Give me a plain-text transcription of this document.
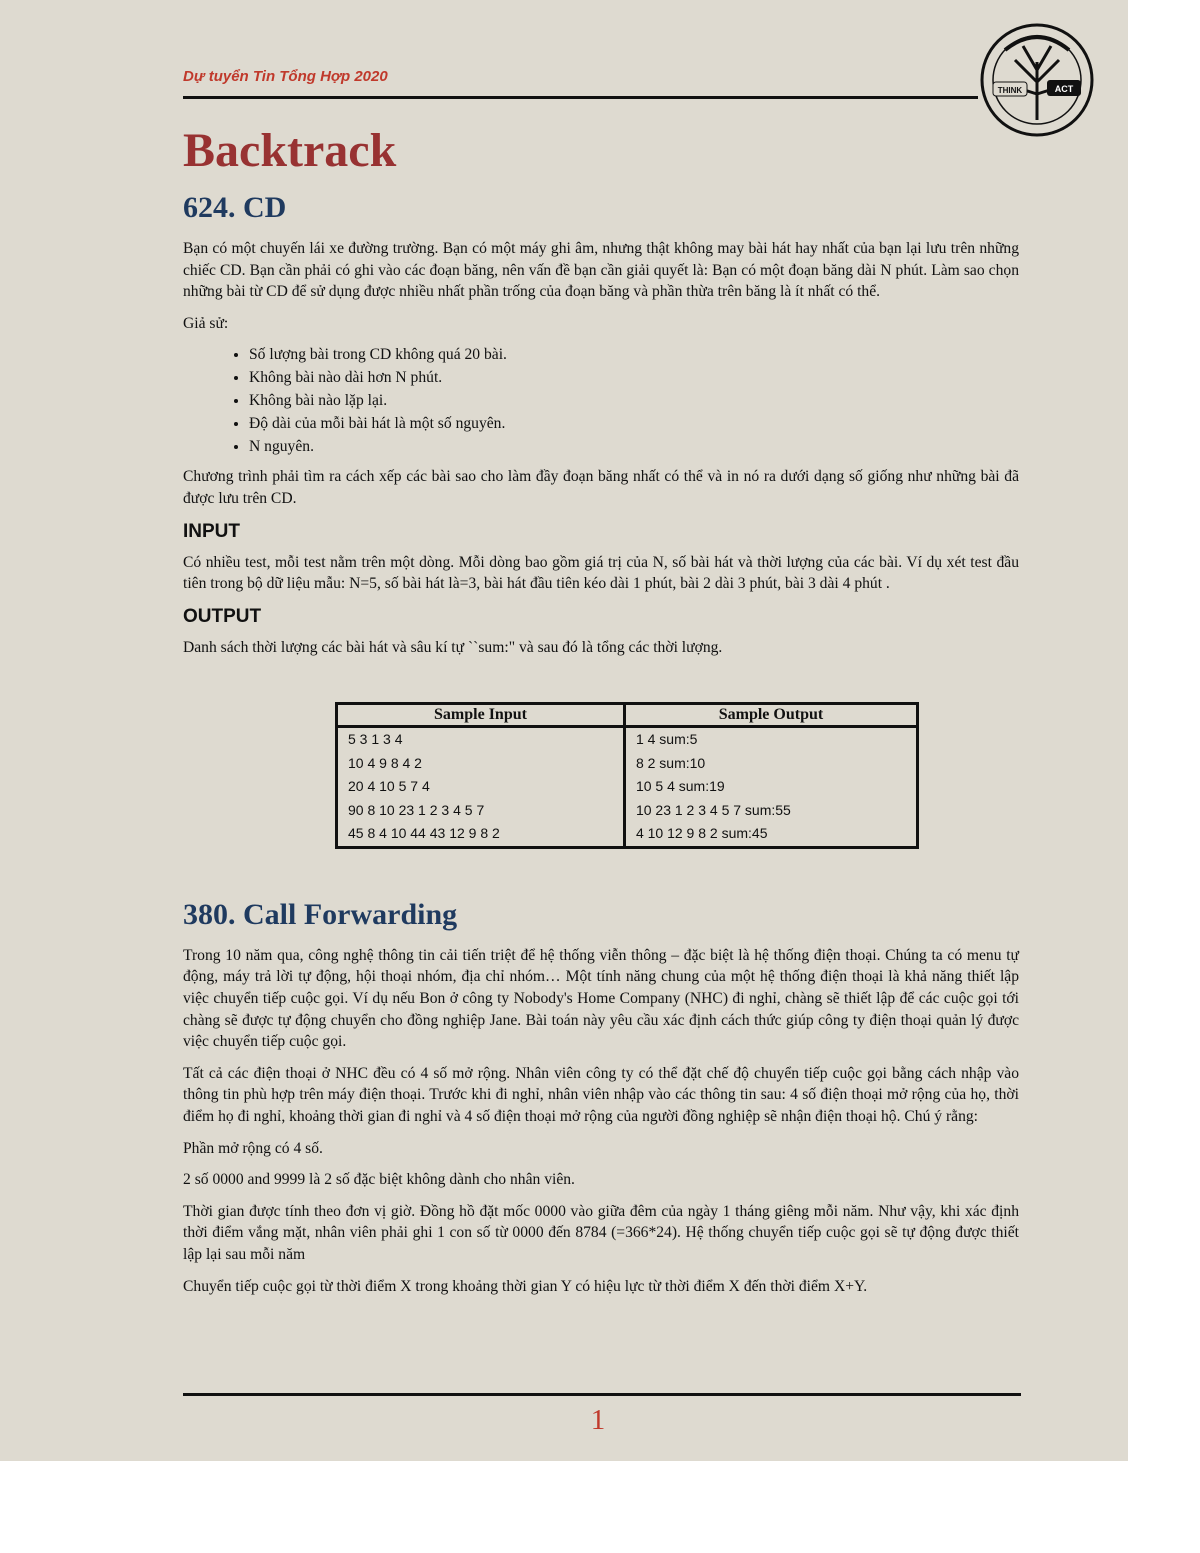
Dự tuyển Tin Tổng Hợp 2020
THINK	ACT
Backtrack
624. CD

Bạn có một chuyến lái xe đường trường. Bạn có một máy ghi âm, nhưng thật không may bài hát hay nhất của bạn lại lưu trên những chiếc CD. Bạn cần phải có ghi vào các đoạn băng, nên vấn đề bạn cần giải quyết là: Bạn có một đoạn băng dài N phút. Làm sao chọn những bài từ CD để sử dụng được nhiều nhất phần trống của đoạn băng và phần thừa trên băng là ít nhất có thể.

Giả sử:

• Số lượng bài trong CD không quá 20 bài.
• Không bài nào dài hơn N phút.
• Không bài nào lặp lại.
• Độ dài của mỗi bài hát là một số nguyên.
• N nguyên.

Chương trình phải tìm ra cách xếp các bài sao cho làm đầy đoạn băng nhất có thể và in nó ra dưới dạng số giống như những bài đã được lưu trên CD.

INPUT

Có nhiều test, mỗi test nằm trên một dòng. Mỗi dòng bao gồm giá trị của N, số bài hát và thời lượng của các bài. Ví dụ xét test đầu tiên trong bộ dữ liệu mẫu: N=5, số bài hát là=3, bài hát đầu tiên kéo dài 1 phút, bài 2 dài 3 phút, bài 3 dài 4 phút .

OUTPUT

Danh sách thời lượng các bài hát và sâu kí tự ``sum:" và sau đó là tổng các thời lượng.

Sample Input	Sample Output
5 3 1 3 4	1 4 sum:5
10 4 9 8 4 2	8 2 sum:10
20 4 10 5 7 4	10 5 4 sum:19
90 8 10 23 1 2 3 4 5 7	10 23 1 2 3 4 5 7 sum:55
45 8 4 10 44 43 12 9 8 2	4 10 12 9 8 2 sum:45
380. Call Forwarding

Trong 10 năm qua, công nghệ thông tin cải tiến triệt để hệ thống viễn thông – đặc biệt là hệ thống điện thoại. Chúng ta có menu tự động, máy trả lời tự động, hội thoại nhóm, địa chỉ nhóm… Một tính năng chung của một hệ thống điện thoại là khả năng thiết lập việc chuyển tiếp cuộc gọi. Ví dụ nếu Bon ở công ty Nobody's Home Company (NHC) đi nghỉ, chàng sẽ thiết lập để các cuộc gọi tới chàng sẽ được tự động chuyển cho đồng nghiệp Jane. Bài toán này yêu cầu xác định cách thức giúp công ty điện thoại quản lý được việc chuyển tiếp cuộc gọi.

Tất cả các điện thoại ở NHC đều có 4 số mở rộng. Nhân viên công ty có thể đặt chế độ chuyển tiếp cuộc gọi bằng cách nhập vào thông tin phù hợp trên máy điện thoại. Trước khi đi nghỉ, nhân viên nhập vào các thông tin sau: 4 số điện thoại mở rộng của họ, thời điểm họ đi nghỉ, khoảng thời gian đi nghỉ và 4 số điện thoại mở rộng của người đồng nghiệp sẽ nhận điện thoại hộ. Chú ý rằng:

Phần mở rộng có 4 số.

2 số 0000 and 9999 là 2 số đặc biệt không dành cho nhân viên.

Thời gian được tính theo đơn vị giờ. Đồng hồ đặt mốc 0000 vào giữa đêm của ngày 1 tháng giêng mỗi năm. Như vậy, khi xác định thời điểm vắng mặt, nhân viên phải ghi 1 con số từ 0000 đến 8784 (=366*24). Hệ thống chuyển tiếp cuộc gọi sẽ tự động được thiết lập lại sau mỗi năm

Chuyển tiếp cuộc gọi từ thời điểm X trong khoảng thời gian Y có hiệu lực từ thời điểm X đến thời điểm X+Y.

1
